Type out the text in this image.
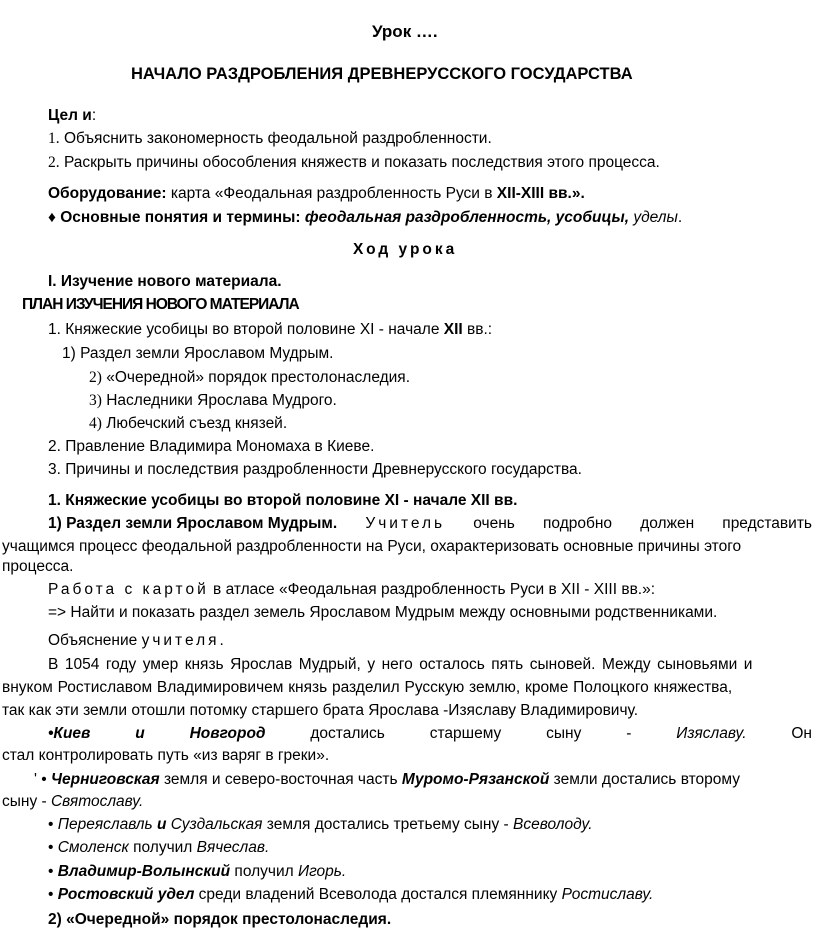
Урок ….
НАЧАЛО РАЗДРОБЛЕНИЯ ДРЕВНЕРУССКОГО ГОСУДАРСТВА
Цел и:
1. Объяснить закономерность феодальной раздробленности.
2. Раскрыть причины обособления княжеств и показать последствия этого процесса.
Оборудование: карта «Феодальная раздробленность Руси в XII-XIII вв.».
♦ Основные понятия и термины: феодальная раздробленность, усобицы, уделы.
Ход урока
I. Изучение нового материала.
ПЛАН ИЗУЧЕНИЯ НОВОГО МАТЕРИАЛА
1. Княжеские усобицы во второй половине XI - начале XII вв.:
1) Раздел земли Ярославом Мудрым.
2) «Очередной» порядок престолонаследия.
3) Наследники Ярослава Мудрого.
4) Любечский съезд князей.
2. Правление Владимира Мономаха в Киеве.
3. Причины и последствия раздробленности Древнерусского государства.
1. Княжеские усобицы во второй половине XI - начале XII вв.
1) Раздел земли Ярославом Мудрым. Учитель очень подробно должен представить
учащимся процесс феодальной раздробленности на Руси, охарактеризовать основные причины этого
процесса.
Работа с картой в атласе «Феодальная раздробленность Руси в XII - XIII вв.»:
=> Найти и показать раздел земель Ярославом Мудрым между основными родственниками.
Объяснение учителя.
В 1054 году умер князь Ярослав Мудрый, у него осталось пять сыновей. Между сыновьями и
внуком Ростиславом Владимировичем князь разделил Русскую землю, кроме Полоцкого княжества,
так как эти земли отошли потомку старшего брата Ярослава -Изяславу Владимировичу.
•Киев	и	Новгород	достались	старшему	сыну	-	Изяславу.	Он
стал контролировать путь «из варяг в греки».
' • Черниговская земля и северо-восточная часть Муромо-Рязанской земли достались второму
сыну - Святославу.
• Переяславль и Суздальская земля достались третьему сыну - Всеволоду.
• Смоленск получил Вячеслав.
• Владимир-Волынский получил Игорь.
• Ростовский удел среди владений Всеволода достался племяннику Ростиславу.
2) «Очередной» порядок престолонаследия.
